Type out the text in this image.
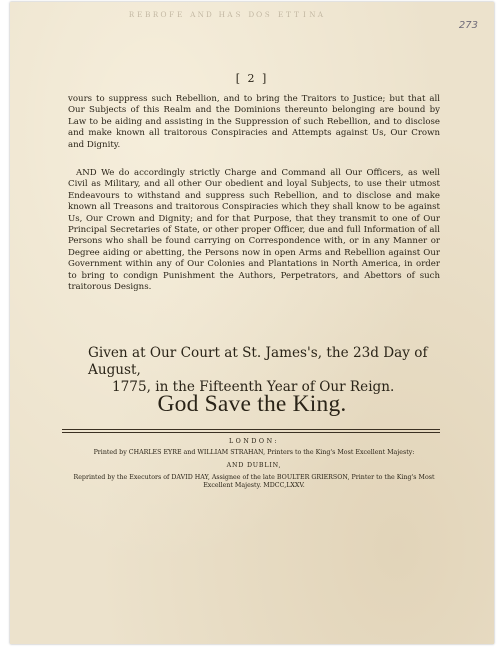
ＲＥＢＲＯＦＥ ＡＮＤ ＨＡＳ ＤＯＳ ＥＴＴＩＮＡ
273
[ 2 ]
vours to suppress such Rebellion, and to bring the Traitors to Justice; but that all Our Subjects of this Realm and the Dominions thereunto belonging are bound by Law to be aiding and assisting in the Suppression of such Rebellion, and to disclose and make known all traitorous Conspiracies and Attempts against Us, Our Crown and Dignity.
AND We do accordingly strictly Charge and Command all Our Officers, as well Civil as Military, and all other Our obedient and loyal Subjects, to use their utmost Endeavours to withstand and suppress such Rebellion, and to disclose and make known all Treasons and traitorous Conspiracies which they shall know to be against Us, Our Crown and Dignity; and for that Purpose, that they transmit to one of Our Principal Secretaries of State, or other proper Officer, due and full Information of all Persons who shall be found carrying on Correspondence with, or in any Manner or Degree aiding or abetting, the Persons now in open Arms and Rebellion against Our Government within any of Our Colonies and Plantations in North America, in order to bring to condign Punishment the Authors, Perpetrators, and Abettors of such traitorous Designs.
Given at Our Court at St. James's, the 23d Day of August,
1775, in the Fifteenth Year of Our Reign.
God Save the King.
LONDON:
Printed by CHARLES EYRE and WILLIAM STRAHAN, Printers to the King's Most Excellent Majesty:
AND DUBLIN,
Reprinted by the Executors of DAVID HAY, Assignee of the late BOULTER GRIERSON, Printer to the King's Most Excellent Majesty. MDCC,LXXV.
